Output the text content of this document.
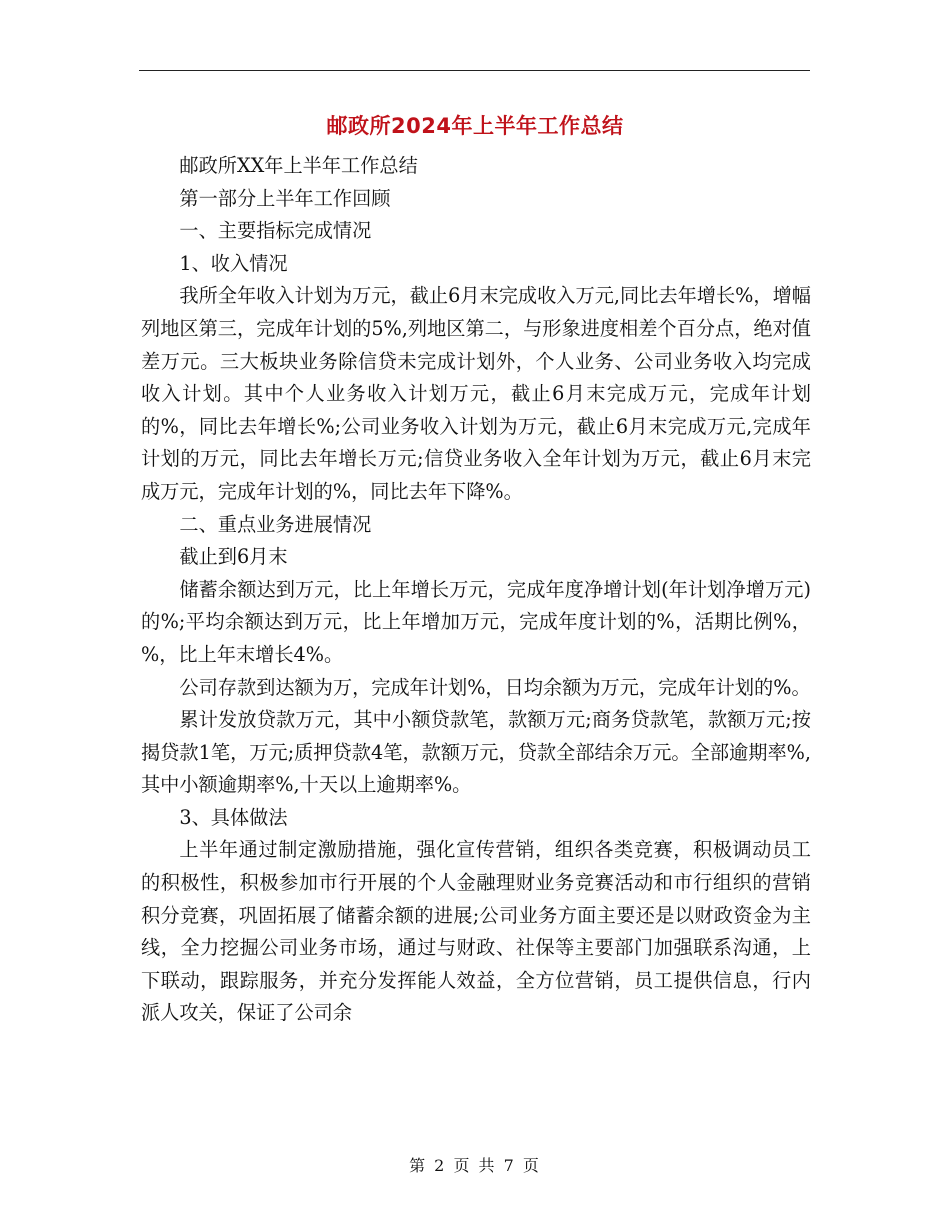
邮政所2024年上半年工作总结

邮政所XX年上半年工作总结

第一部分上半年工作回顾

一、主要指标完成情况

1、收入情况

我所全年收入计划为万元，截止6月末完成收入万元,同比去年增长%，增幅列地区第三，完成年计划的5%,列地区第二，与形象进度相差个百分点，绝对值差万元。三大板块业务除信贷未完成计划外，个人业务、公司业务收入均完成收入计划。其中个人业务收入计划万元，截止6月末完成万元，完成年计划的%，同比去年增长%;公司业务收入计划为万元，截止6月末完成万元,完成年计划的万元，同比去年增长万元;信贷业务收入全年计划为万元，截止6月末完成万元，完成年计划的%，同比去年下降%。

二、重点业务进展情况

截止到6月末

储蓄余额达到万元，比上年增长万元，完成年度净增计划(年计划净增万元)的%;平均余额达到万元，比上年增加万元，完成年度计划的%，活期比例%，%，比上年末增长4%。

公司存款到达额为万，完成年计划%，日均余额为万元，完成年计划的%。

累计发放贷款万元，其中小额贷款笔，款额万元;商务贷款笔，款额万元;按揭贷款1笔，万元;质押贷款4笔，款额万元，贷款全部结余万元。全部逾期率%,其中小额逾期率%,十天以上逾期率%。

3、具体做法

上半年通过制定激励措施，强化宣传营销，组织各类竞赛，积极调动员工的积极性，积极参加市行开展的个人金融理财业务竞赛活动和市行组织的营销积分竞赛，巩固拓展了储蓄余额的进展;公司业务方面主要还是以财政资金为主线，全力挖掘公司业务市场，通过与财政、社保等主要部门加强联系沟通，上下联动，跟踪服务，并充分发挥能人效益，全方位营销，员工提供信息，行内派人攻关，保证了公司余

第 2 页 共 7 页
